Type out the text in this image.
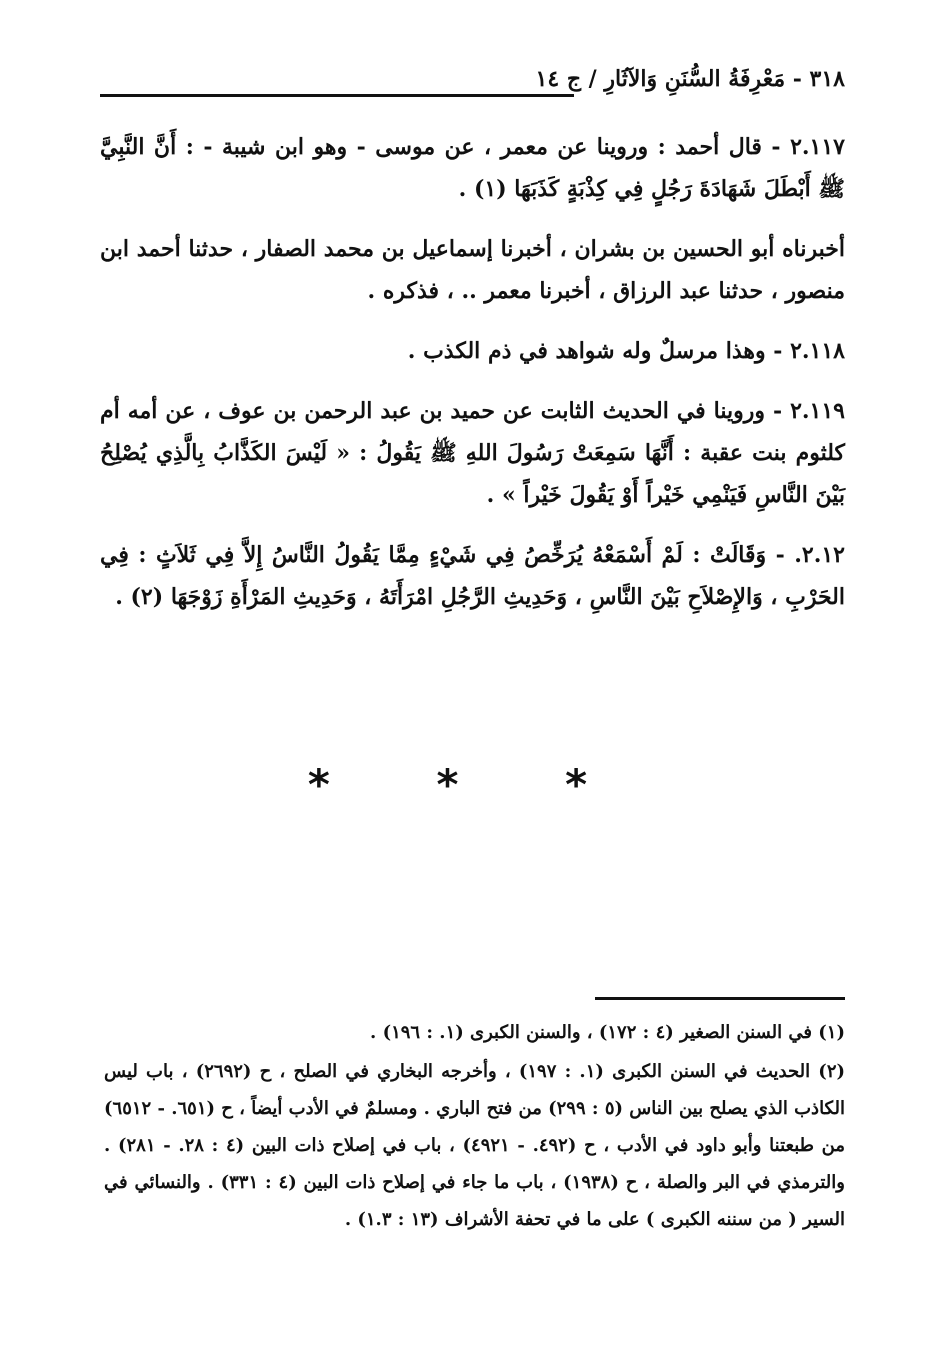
٣١٨ - مَعْرِفَةُ السُّنَنِ وَالآثَارِ / ج ١٤

٢.١١٧ - قال أحمد : وروينا عن معمر ، عن موسى - وهو ابن شيبة - : أَنَّ النَّبِيَّ ﷺ أَبْطَلَ شَهَادَةَ رَجُلٍ فِي كِذْبَةٍ كَذَبَهَا (١) .

أخبرناه أبو الحسين بن بشران ، أخبرنا إسماعيل بن محمد الصفار ، حدثنا أحمد ابن منصور ، حدثنا عبد الرزاق ، أخبرنا معمر .. ، فذكره .

٢.١١٨ - وهذا مرسلٌ وله شواهد في ذم الكذب .

٢.١١٩ - وروينا في الحديث الثابت عن حميد بن عبد الرحمن بن عوف ، عن أمه أم كلثوم بنت عقبة : أَنَّهَا سَمِعَتْ رَسُولَ اللهِ ﷺ يَقُولُ : « لَيْسَ الكَذَّابُ بِالَّذِي يُصْلِحُ بَيْنَ النَّاسِ فَيَنْمِي خَيْراً أَوْ يَقُولَ خَيْراً » .

٢.١٢. - وَقَالَتْ : لَمْ أَسْمَعْهُ يُرَخِّصُ فِي شَيْءٍ مِمَّا يَقُولُ النَّاسُ إِلاَّ فِي ثَلاَثٍ : فِي الحَرْبِ ، وَالإِصْلاَحِ بَيْنَ النَّاسِ ، وَحَدِيثِ الرَّجُلِ امْرَأَتَهُ ، وَحَدِيثِ المَرْأَةِ زَوْجَهَا (٢) .

* * *

(١) في السنن الصغير (٤ : ١٧٢) ، والسنن الكبرى (١. : ١٩٦) .

(٢) الحديث في السنن الكبرى (١. : ١٩٧) ، وأخرجه البخاري في الصلح ، ح (٢٦٩٢) ، باب ليس الكاذب الذي يصلح بين الناس (٥ : ٢٩٩) من فتح الباري . ومسلمٌ في الأدب أيضاً ، ح (٦٥١. - ٦٥١٢) من طبعتنا وأبو داود في الأدب ، ح (٤٩٢. - ٤٩٢١) ، باب في إصلاح ذات البين (٤ : ٢٨. - ٢٨١) . والترمذي في البر والصلة ، ح (١٩٣٨) ، باب ما جاء في إصلاح ذات البين (٤ : ٣٣١) . والنسائي في السير ( من سننه الكبرى ) على ما في تحفة الأشراف (١٣ : ١.٣) .
